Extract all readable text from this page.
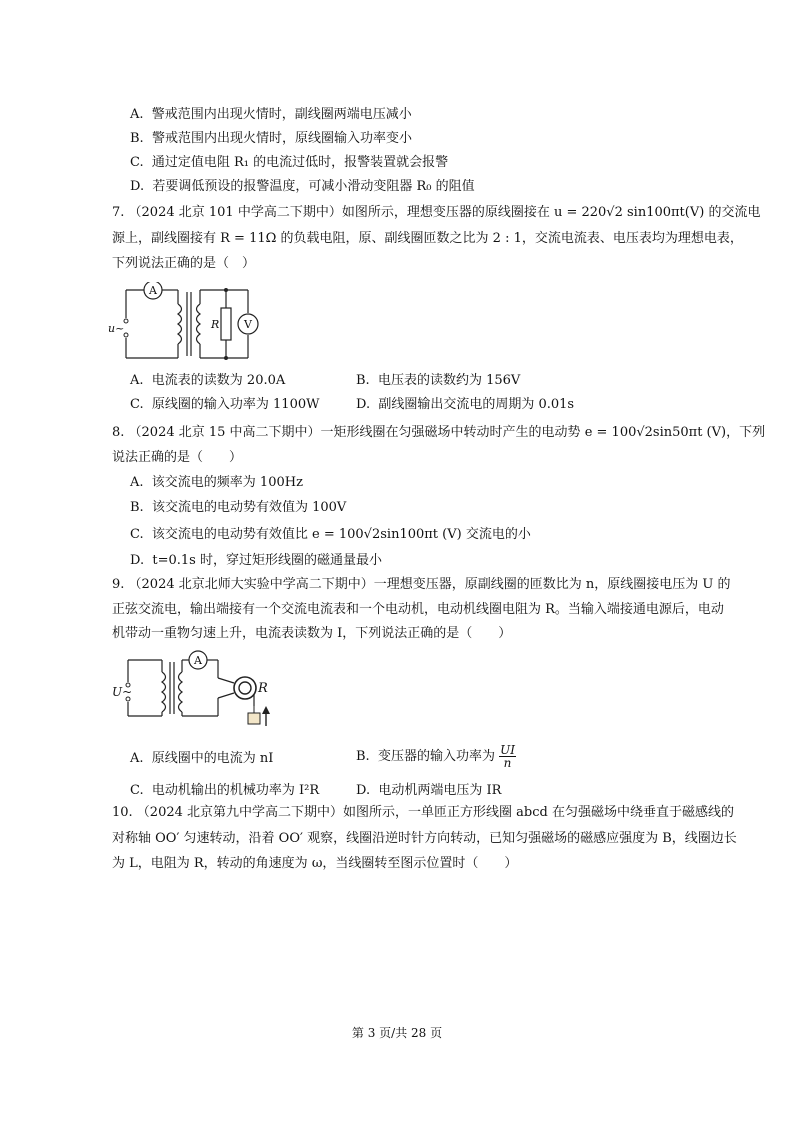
A. 警戒范围内出现火情时，副线圈两端电压减小
B. 警戒范围内出现火情时，原线圈输入功率变小
C. 通过定值电阻 R₁ 的电流过低时，报警装置就会报警
D. 若要调低预设的报警温度，可减小滑动变阻器 R₀ 的阻值
7. （2024 北京 101 中学高二下期中）如图所示，理想变压器的原线圈接在 u = 220√2 sin100πt(V) 的交流电
源上，副线圈接有 R = 11Ω 的负载电阻，原、副线圈匝数之比为 2 : 1，交流电流表、电压表均为理想电表，
下列说法正确的是（　）
A
V
R
u~
A. 电流表的读数为 20.0A	B. 电压表的读数约为 156V
C. 原线圈的输入功率为 1100W	D. 副线圈输出交流电的周期为 0.01s
8. （2024 北京 15 中高二下期中）一矩形线圈在匀强磁场中转动时产生的电动势 e = 100√2sin50πt (V)，下列
说法正确的是（　　）
A. 该交流电的频率为 100Hz
B. 该交流电的电动势有效值为 100V
C. 该交流电的电动势有效值比 e = 100√2sin100πt (V) 交流电的小
D. t=0.1s 时，穿过矩形线圈的磁通量最小
9. （2024 北京北师大实验中学高二下期中）一理想变压器，原副线圈的匝数比为 n，原线圈接电压为 U 的
正弦交流电，输出端接有一个交流电流表和一个电动机，电动机线圈电阻为 R。当输入端接通电源后，电动
机带动一重物匀速上升，电流表读数为 I，下列说法正确的是（　　）
A
R
U~
A. 原线圈中的电流为 nI	B. 变压器的输入功率为 $\frac{UI}{n}$
C. 电动机输出的机械功率为 I²R	D. 电动机两端电压为 IR
10. （2024 北京第九中学高二下期中）如图所示，一单匝正方形线圈 abcd 在匀强磁场中绕垂直于磁感线的
对称轴 OO′ 匀速转动，沿着 OO′ 观察，线圈沿逆时针方向转动，已知匀强磁场的磁感应强度为 B，线圈边长
为 L，电阻为 R，转动的角速度为 ω，当线圈转至图示位置时（　　）
第 3 页/共 28 页
